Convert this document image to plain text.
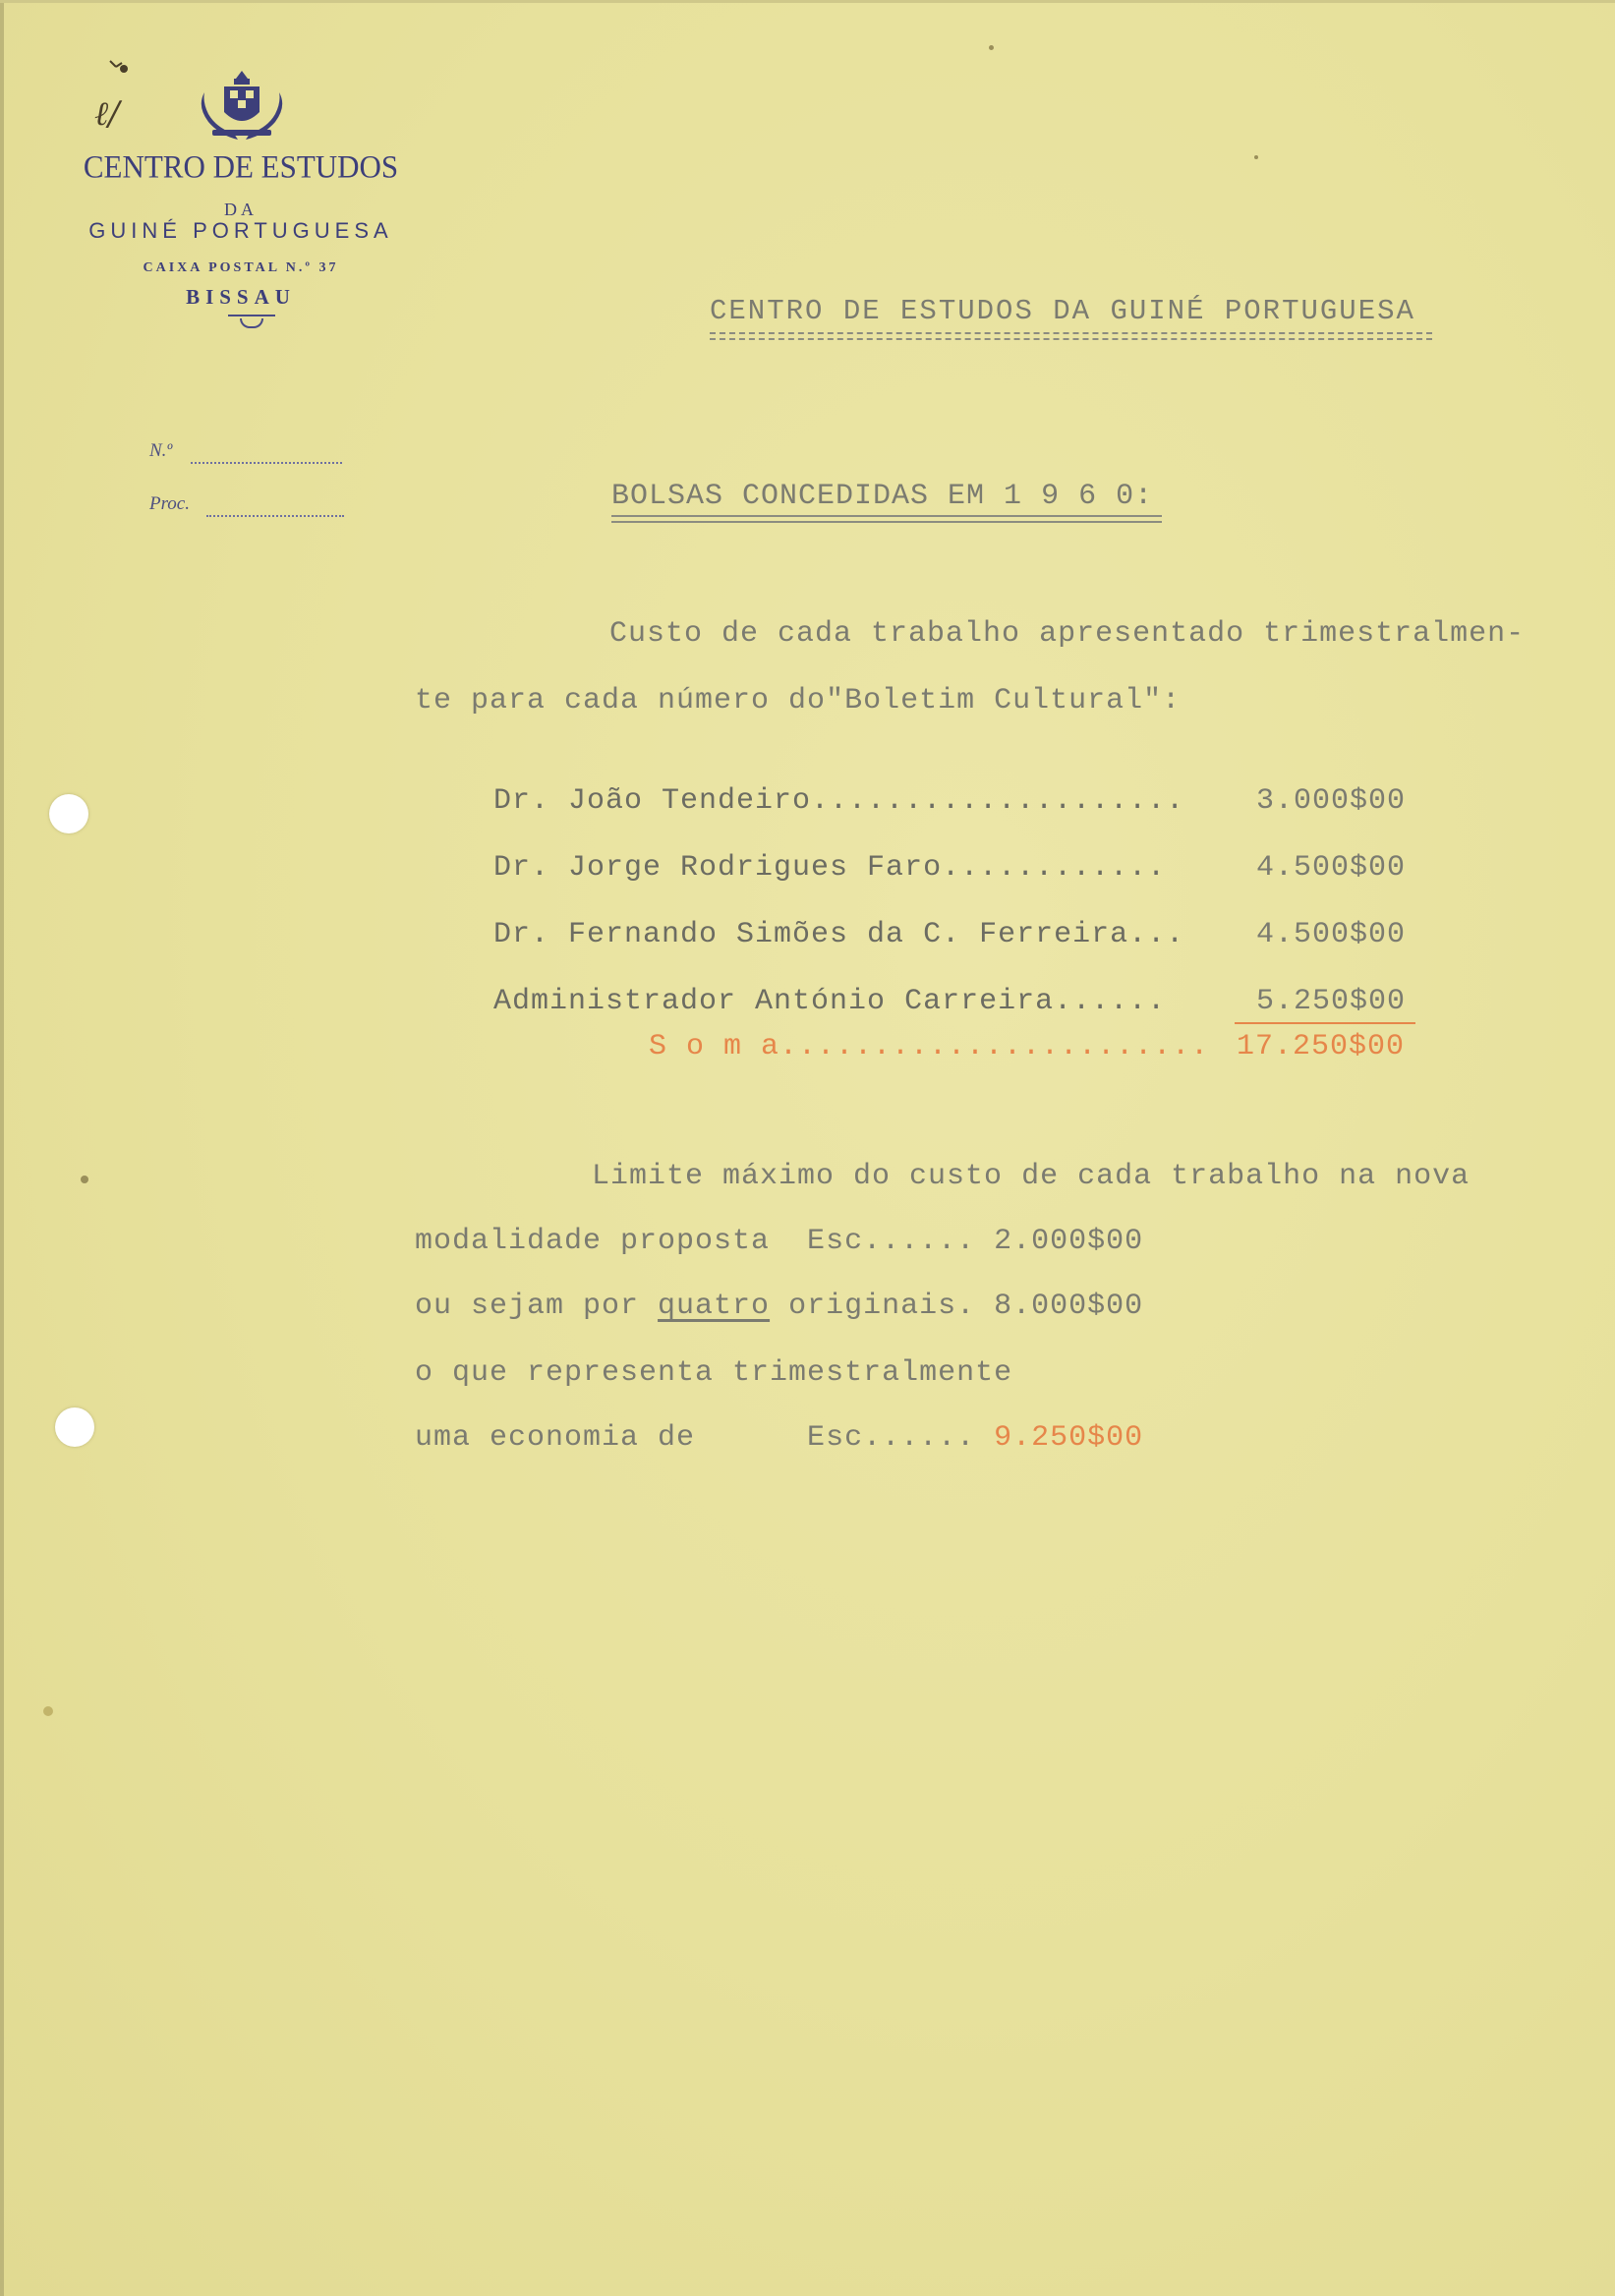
ℓ/
CENTRO DE ESTUDOS
DA
GUINÉ PORTUGUESA
CAIXA POSTAL N.º 37
BISSAU
N.º
Proc.
CENTRO DE ESTUDOS DA GUINÉ PORTUGUESA
BOLSAS CONCEDIDAS EM 1 9 6 0:
Custo de cada trabalho apresentado trimestralmen-
te para cada número do"Boletim Cultural":
Dr. João Tendeiro.................... 3.000$00
Dr. Jorge Rodrigues Faro............	4.500$00
Dr. Fernando Simões da C. Ferreira... 4.500$00
Administrador António Carreira......	5.250$00
S o m a....................... 17.250$00
Limite máximo do custo de cada trabalho na nova
modalidade proposta  Esc...... 2.000$00
ou sejam por quatro originais. 8.000$00
o que representa trimestralmente
uma economia de      Esc...... 9.250$00
